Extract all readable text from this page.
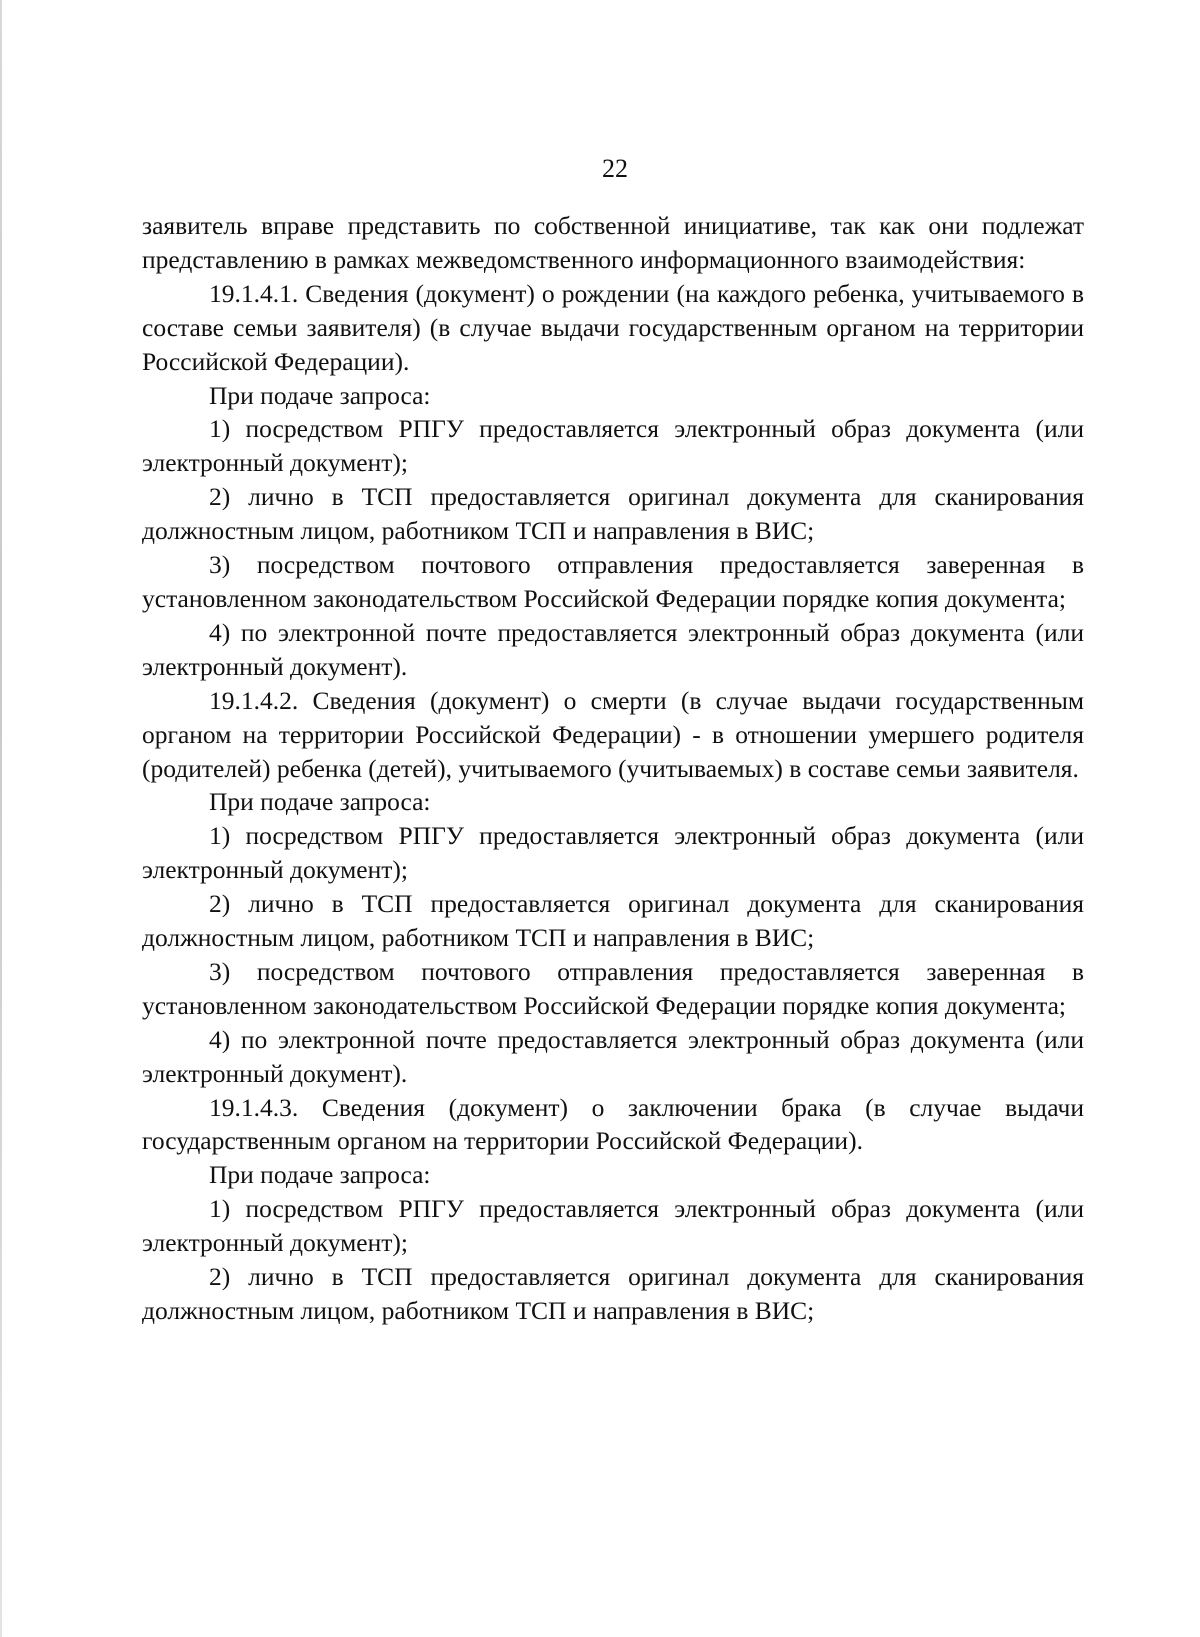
22

заявитель вправе представить по собственной инициативе, так как они подлежат представлению в рамках межведомственного информационного взаимодействия:

19.1.4.1. Сведения (документ) о рождении (на каждого ребенка, учитываемого в составе семьи заявителя) (в случае выдачи государственным органом на территории Российской Федерации).

При подаче запроса:

1) посредством РПГУ предоставляется электронный образ документа (или электронный документ);

2) лично в ТСП предоставляется оригинал документа для сканирования должностным лицом, работником ТСП и направления в ВИС;

3) посредством почтового отправления предоставляется заверенная в установленном законодательством Российской Федерации порядке копия документа;

4) по электронной почте предоставляется электронный образ документа (или электронный документ).

19.1.4.2. Сведения (документ) о смерти (в случае выдачи государственным органом на территории Российской Федерации) - в отношении умершего родителя (родителей) ребенка (детей), учитываемого (учитываемых) в составе семьи заявителя.

При подаче запроса:

1) посредством РПГУ предоставляется электронный образ документа (или электронный документ);

2) лично в ТСП предоставляется оригинал документа для сканирования должностным лицом, работником ТСП и направления в ВИС;

3) посредством почтового отправления предоставляется заверенная в установленном законодательством Российской Федерации порядке копия документа;

4) по электронной почте предоставляется электронный образ документа (или электронный документ).

19.1.4.3. Сведения (документ) о заключении брака (в случае выдачи государственным органом на территории Российской Федерации).

При подаче запроса:

1) посредством РПГУ предоставляется электронный образ документа (или электронный документ);

2) лично в ТСП предоставляется оригинал документа для сканирования должностным лицом, работником ТСП и направления в ВИС;
